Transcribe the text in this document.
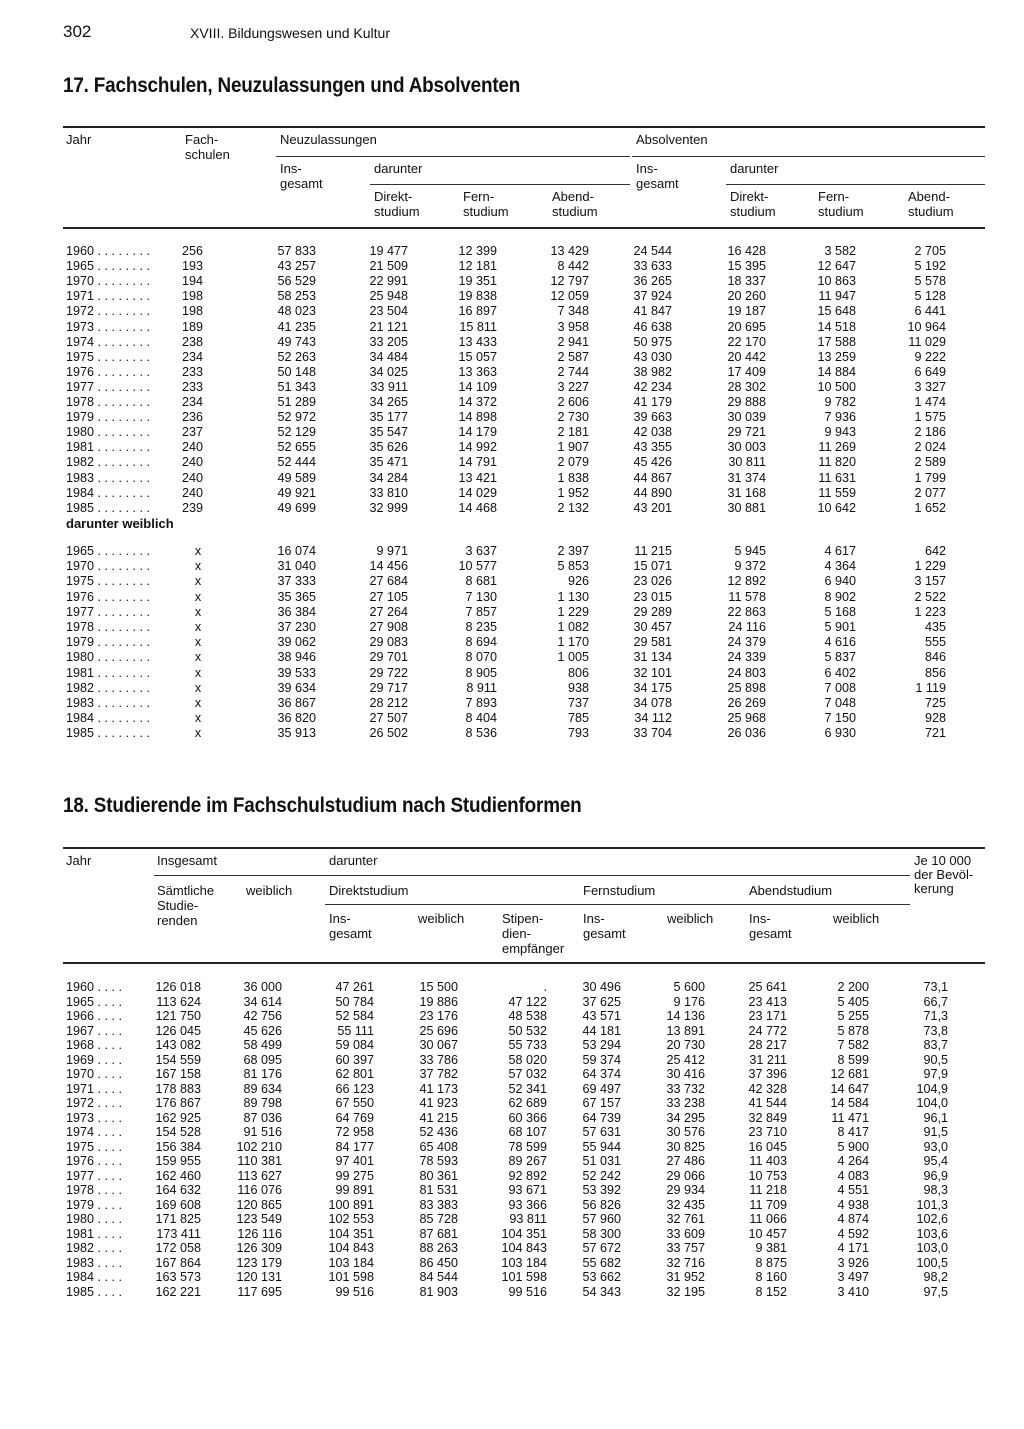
302	XVIII. Bildungswesen und Kultur
17. Fachschulen, Neuzulassungen und Absolventen
Jahr	Fach-
schulen
Neuzulassungen	Absolventen
Ins-
gesamt
darunter	Ins-
gesamt
darunter
Direkt-
studium
Fern-
studium
Abend-
studium
Direkt-
studium
Fern-
studium
Abend-
studium
1960 . . . . . . . .	256	57 833	19 477	12 399	13 429	24 544	16 428	3 582	2 705
1965 . . . . . . . .	193	43 257	21 509	12 181	8 442	33 633	15 395	12 647	5 192
1970 . . . . . . . .	194	56 529	22 991	19 351	12 797	36 265	18 337	10 863	5 578
1971 . . . . . . . .	198	58 253	25 948	19 838	12 059	37 924	20 260	11 947	5 128
1972 . . . . . . . .	198	48 023	23 504	16 897	7 348	41 847	19 187	15 648	6 441
1973 . . . . . . . .	189	41 235	21 121	15 811	3 958	46 638	20 695	14 518	10 964
1974 . . . . . . . .	238	49 743	33 205	13 433	2 941	50 975	22 170	17 588	11 029
1975 . . . . . . . .	234	52 263	34 484	15 057	2 587	43 030	20 442	13 259	9 222
1976 . . . . . . . .	233	50 148	34 025	13 363	2 744	38 982	17 409	14 884	6 649
1977 . . . . . . . .	233	51 343	33 911	14 109	3 227	42 234	28 302	10 500	3 327
1978 . . . . . . . .	234	51 289	34 265	14 372	2 606	41 179	29 888	9 782	1 474
1979 . . . . . . . .	236	52 972	35 177	14 898	2 730	39 663	30 039	7 936	1 575
1980 . . . . . . . .	237	52 129	35 547	14 179	2 181	42 038	29 721	9 943	2 186
1981 . . . . . . . .	240	52 655	35 626	14 992	1 907	43 355	30 003	11 269	2 024
1982 . . . . . . . .	240	52 444	35 471	14 791	2 079	45 426	30 811	11 820	2 589
1983 . . . . . . . .	240	49 589	34 284	13 421	1 838	44 867	31 374	11 631	1 799
1984 . . . . . . . .	240	49 921	33 810	14 029	1 952	44 890	31 168	11 559	2 077
1985 . . . . . . . .	239	49 699	32 999	14 468	2 132	43 201	30 881	10 642	1 652
darunter weiblich
1965 . . . . . . . .	x	16 074	9 971	3 637	2 397	11 215	5 945	4 617	642
1970 . . . . . . . .	x	31 040	14 456	10 577	5 853	15 071	9 372	4 364	1 229
1975 . . . . . . . .	x	37 333	27 684	8 681	926	23 026	12 892	6 940	3 157
1976 . . . . . . . .	x	35 365	27 105	7 130	1 130	23 015	11 578	8 902	2 522
1977 . . . . . . . .	x	36 384	27 264	7 857	1 229	29 289	22 863	5 168	1 223
1978 . . . . . . . .	x	37 230	27 908	8 235	1 082	30 457	24 116	5 901	435
1979 . . . . . . . .	x	39 062	29 083	8 694	1 170	29 581	24 379	4 616	555
1980 . . . . . . . .	x	38 946	29 701	8 070	1 005	31 134	24 339	5 837	846
1981 . . . . . . . .	x	39 533	29 722	8 905	806	32 101	24 803	6 402	856
1982 . . . . . . . .	x	39 634	29 717	8 911	938	34 175	25 898	7 008	1 119
1983 . . . . . . . .	x	36 867	28 212	7 893	737	34 078	26 269	7 048	725
1984 . . . . . . . .	x	36 820	27 507	8 404	785	34 112	25 968	7 150	928
1985 . . . . . . . .	x	35 913	26 502	8 536	793	33 704	26 036	6 930	721
18. Studierende im Fachschulstudium nach Studienformen
Jahr	Insgesamt	darunter	Je 10 000
der Bevöl-
kerung
Sämtliche
Studie-
renden
weiblich	Direktstudium	Fernstudium	Abendstudium
Ins-
gesamt
weiblich	Stipen-
dien-
empfänger
Ins-
gesamt
weiblich	Ins-
gesamt
weiblich
1960 . . . .	126 018	36 000	47 261	15 500	.	30 496	5 600	25 641	2 200	73,1
1965 . . . .	113 624	34 614	50 784	19 886	47 122	37 625	9 176	23 413	5 405	66,7
1966 . . . .	121 750	42 756	52 584	23 176	48 538	43 571	14 136	23 171	5 255	71,3
1967 . . . .	126 045	45 626	55 111	25 696	50 532	44 181	13 891	24 772	5 878	73,8
1968 . . . .	143 082	58 499	59 084	30 067	55 733	53 294	20 730	28 217	7 582	83,7
1969 . . . .	154 559	68 095	60 397	33 786	58 020	59 374	25 412	31 211	8 599	90,5
1970 . . . .	167 158	81 176	62 801	37 782	57 032	64 374	30 416	37 396	12 681	97,9
1971 . . . .	178 883	89 634	66 123	41 173	52 341	69 497	33 732	42 328	14 647	104,9
1972 . . . .	176 867	89 798	67 550	41 923	62 689	67 157	33 238	41 544	14 584	104,0
1973 . . . .	162 925	87 036	64 769	41 215	60 366	64 739	34 295	32 849	11 471	96,1
1974 . . . .	154 528	91 516	72 958	52 436	68 107	57 631	30 576	23 710	8 417	91,5
1975 . . . .	156 384	102 210	84 177	65 408	78 599	55 944	30 825	16 045	5 900	93,0
1976 . . . .	159 955	110 381	97 401	78 593	89 267	51 031	27 486	11 403	4 264	95,4
1977 . . . .	162 460	113 627	99 275	80 361	92 892	52 242	29 066	10 753	4 083	96,9
1978 . . . .	164 632	116 076	99 891	81 531	93 671	53 392	29 934	11 218	4 551	98,3
1979 . . . .	169 608	120 865	100 891	83 383	93 366	56 826	32 435	11 709	4 938	101,3
1980 . . . .	171 825	123 549	102 553	85 728	93 811	57 960	32 761	11 066	4 874	102,6
1981 . . . .	173 411	126 116	104 351	87 681	104 351	58 300	33 609	10 457	4 592	103,6
1982 . . . .	172 058	126 309	104 843	88 263	104 843	57 672	33 757	9 381	4 171	103,0
1983 . . . .	167 864	123 179	103 184	86 450	103 184	55 682	32 716	8 875	3 926	100,5
1984 . . . .	163 573	120 131	101 598	84 544	101 598	53 662	31 952	8 160	3 497	98,2
1985 . . . .	162 221	117 695	99 516	81 903	99 516	54 343	32 195	8 152	3 410	97,5
